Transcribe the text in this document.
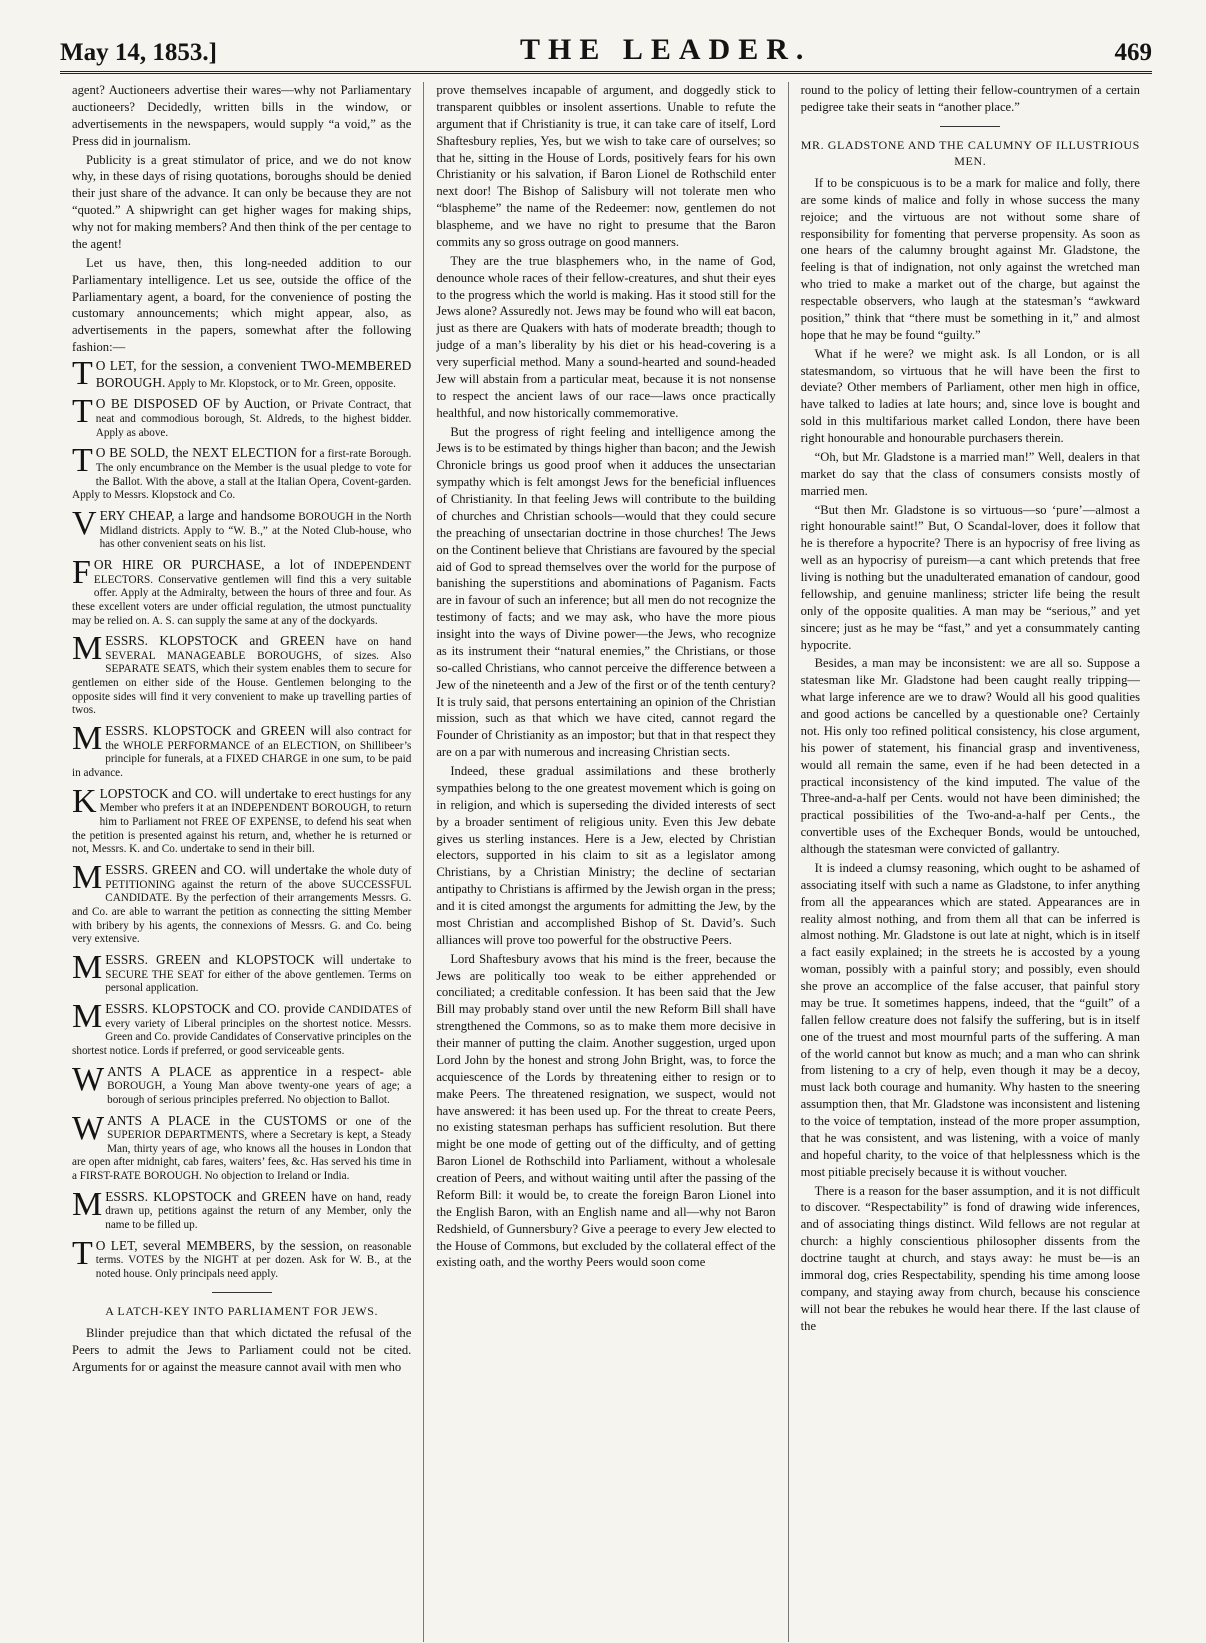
May 14, 1853.]	THE LEADER.	469

agent? Auctioneers advertise their wares—why not Parliamentary auctioneers? Decidedly, written bills in the window, or advertisements in the newspapers, would supply “a void,” as the Press did in journalism.

Publicity is a great stimulator of price, and we do not know why, in these days of rising quotations, boroughs should be denied their just share of the advance. It can only be because they are not “quoted.” A shipwright can get higher wages for making ships, why not for making members? And then think of the per centage to the agent!

Let us have, then, this long-needed addition to our Parliamentary intelligence. Let us see, outside the office of the Parliamentary agent, a board, for the convenience of posting the customary announcements; which might appear, also, as advertisements in the papers, somewhat after the following fashion:—

T O LET, for the session, a convenient TWO-MEMBERED BOROUGH. Apply to Mr. Klopstock, or to Mr. Green, opposite.
T O BE DISPOSED OF by Auction, or Private Contract, that neat and commodious borough, St. Aldreds, to the highest bidder. Apply as above.
T O BE SOLD, the NEXT ELECTION for a first-rate Borough. The only encumbrance on the Member is the usual pledge to vote for the Ballot. With the above, a stall at the Italian Opera, Covent-garden. Apply to Messrs. Klopstock and Co.
VERY CHEAP, a large and handsome BOROUGH in the North Midland districts. Apply to “W. B.,” at the Noted Club-house, who has other convenient seats on his list.
FOR HIRE OR PURCHASE, a lot of INDEPENDENT ELECTORS. Conservative gentlemen will find this a very suitable offer. Apply at the Admiralty, between the hours of three and four. As these excellent voters are under official regulation, the utmost punctuality may be relied on. A. S. can supply the same at any of the dockyards.
MESSRS. KLOPSTOCK and GREEN have on hand SEVERAL MANAGEABLE BOROUGHS, of sizes. Also SEPARATE SEATS, which their system enables them to secure for gentlemen on either side of the House. Gentlemen belonging to the opposite sides will find it very convenient to make up travelling parties of twos.
MESSRS. KLOPSTOCK and GREEN will also contract for the WHOLE PERFORMANCE of an ELECTION, on Shillibeer’s principle for funerals, at a FIXED CHARGE in one sum, to be paid in advance.
KLOPSTOCK and CO. will undertake to erect hustings for any Member who prefers it at an INDEPENDENT BOROUGH, to return him to Parliament not FREE OF EXPENSE, to defend his seat when the petition is presented against his return, and, whether he is returned or not, Messrs. K. and Co. undertake to send in their bill.
MESSRS. GREEN and CO. will undertake the whole duty of PETITIONING against the return of the above SUCCESSFUL CANDIDATE. By the perfection of their arrangements Messrs. G. and Co. are able to warrant the petition as connecting the sitting Member with bribery by his agents, the connexions of Messrs. G. and Co. being very extensive.
MESSRS. GREEN and KLOPSTOCK will undertake to SECURE THE SEAT for either of the above gentlemen. Terms on personal application.
MESSRS. KLOPSTOCK and CO. provide CANDIDATES of every variety of Liberal principles on the shortest notice. Messrs. Green and Co. provide Candidates of Conservative principles on the shortest notice. Lords if preferred, or good serviceable gents.
WANTS A PLACE as apprentice in a respect- able BOROUGH, a Young Man above twenty-one years of age; a borough of serious principles preferred. No objection to Ballot.
WANTS A PLACE in the CUSTOMS or one of the SUPERIOR DEPARTMENTS, where a Secretary is kept, a Steady Man, thirty years of age, who knows all the houses in London that are open after midnight, cab fares, waiters’ fees, &c. Has served his time in a FIRST-RATE BOROUGH. No objection to Ireland or India.
MESSRS. KLOPSTOCK and GREEN have on hand, ready drawn up, petitions against the return of any Member, only the name to be filled up.
T O LET, several MEMBERS, by the session, on reasonable terms. VOTES by the NIGHT at per dozen. Ask for W. B., at the noted house. Only principals need apply.
A LATCH-KEY INTO PARLIAMENT FOR JEWS.

Blinder prejudice than that which dictated the refusal of the Peers to admit the Jews to Parliament could not be cited. Arguments for or against the measure cannot avail with men who

prove themselves incapable of argument, and doggedly stick to transparent quibbles or insolent assertions. Unable to refute the argument that if Christianity is true, it can take care of itself, Lord Shaftesbury replies, Yes, but we wish to take care of ourselves; so that he, sitting in the House of Lords, positively fears for his own Christianity or his salvation, if Baron Lionel de Rothschild enter next door! The Bishop of Salisbury will not tolerate men who “blaspheme” the name of the Redeemer: now, gentlemen do not blaspheme, and we have no right to presume that the Baron commits any so gross outrage on good manners.

They are the true blasphemers who, in the name of God, denounce whole races of their fellow-creatures, and shut their eyes to the progress which the world is making. Has it stood still for the Jews alone? Assuredly not. Jews may be found who will eat bacon, just as there are Quakers with hats of moderate breadth; though to judge of a man’s liberality by his diet or his head-covering is a very superficial method. Many a sound-hearted and sound-headed Jew will abstain from a particular meat, because it is not nonsense to respect the ancient laws of our race—laws once practically healthful, and now historically commemorative.

But the progress of right feeling and intelligence among the Jews is to be estimated by things higher than bacon; and the Jewish Chronicle brings us good proof when it adduces the unsectarian sympathy which is felt amongst Jews for the beneficial influences of Christianity. In that feeling Jews will contribute to the building of churches and Christian schools—would that they could secure the preaching of unsectarian doctrine in those churches! The Jews on the Continent believe that Christians are favoured by the special aid of God to spread themselves over the world for the purpose of banishing the superstitions and abominations of Paganism. Facts are in favour of such an inference; but all men do not recognize the testimony of facts; and we may ask, who have the more pious insight into the ways of Divine power—the Jews, who recognize as its instrument their “natural enemies,” the Christians, or those so-called Christians, who cannot perceive the difference between a Jew of the nineteenth and a Jew of the first or of the tenth century? It is truly said, that persons entertaining an opinion of the Christian mission, such as that which we have cited, cannot regard the Founder of Christianity as an impostor; but that in that respect they are on a par with numerous and increasing Christian sects.

Indeed, these gradual assimilations and these brotherly sympathies belong to the one greatest movement which is going on in religion, and which is superseding the divided interests of sect by a broader sentiment of religious unity. Even this Jew debate gives us sterling instances. Here is a Jew, elected by Christian electors, supported in his claim to sit as a legislator among Christians, by a Christian Ministry; the decline of sectarian antipathy to Christians is affirmed by the Jewish organ in the press; and it is cited amongst the arguments for admitting the Jew, by the most Christian and accomplished Bishop of St. David’s. Such alliances will prove too powerful for the obstructive Peers.

Lord Shaftesbury avows that his mind is the freer, because the Jews are politically too weak to be either apprehended or conciliated; a creditable confession. It has been said that the Jew Bill may probably stand over until the new Reform Bill shall have strengthened the Commons, so as to make them more decisive in their manner of putting the claim. Another suggestion, urged upon Lord John by the honest and strong John Bright, was, to force the acquiescence of the Lords by threatening either to resign or to make Peers. The threatened resignation, we suspect, would not have answered: it has been used up. For the threat to create Peers, no existing statesman perhaps has sufficient resolution. But there might be one mode of getting out of the difficulty, and of getting Baron Lionel de Rothschild into Parliament, without a wholesale creation of Peers, and without waiting until after the passing of the Reform Bill: it would be, to create the foreign Baron Lionel into the English Baron, with an English name and all—why not Baron Redshield, of Gunnersbury? Give a peerage to every Jew elected to the House of Commons, but excluded by the collateral effect of the existing oath, and the worthy Peers would soon come

round to the policy of letting their fellow-countrymen of a certain pedigree take their seats in “another place.”

MR. GLADSTONE AND THE CALUMNY OF ILLUSTRIOUS MEN.

If to be conspicuous is to be a mark for malice and folly, there are some kinds of malice and folly in whose success the many rejoice; and the virtuous are not without some share of responsibility for fomenting that perverse propensity. As soon as one hears of the calumny brought against Mr. Gladstone, the feeling is that of indignation, not only against the wretched man who tried to make a market out of the charge, but against the respectable observers, who laugh at the statesman’s “awkward position,” think that “there must be something in it,” and almost hope that he may be found “guilty.”

What if he were? we might ask. Is all London, or is all statesmandom, so virtuous that he will have been the first to deviate? Other members of Parliament, other men high in office, have talked to ladies at late hours; and, since love is bought and sold in this multifarious market called London, there have been right honourable and honourable purchasers therein.

“Oh, but Mr. Gladstone is a married man!” Well, dealers in that market do say that the class of consumers consists mostly of married men.

“But then Mr. Gladstone is so virtuous—so ‘pure’—almost a right honourable saint!” But, O Scandal-lover, does it follow that he is therefore a hypocrite? There is an hypocrisy of free living as well as an hypocrisy of pureism—a cant which pretends that free living is nothing but the unadulterated emanation of candour, good fellowship, and genuine manliness; stricter life being the result only of the opposite qualities. A man may be “serious,” and yet sincere; just as he may be “fast,” and yet a consummately canting hypocrite.

Besides, a man may be inconsistent: we are all so. Suppose a statesman like Mr. Gladstone had been caught really tripping—what large inference are we to draw? Would all his good qualities and good actions be cancelled by a questionable one? Certainly not. His only too refined political consistency, his close argument, his power of statement, his financial grasp and inventiveness, would all remain the same, even if he had been detected in a practical inconsistency of the kind imputed. The value of the Three-and-a-half per Cents. would not have been diminished; the practical possibilities of the Two-and-a-half per Cents., the convertible uses of the Exchequer Bonds, would be untouched, although the statesman were convicted of gallantry.

It is indeed a clumsy reasoning, which ought to be ashamed of associating itself with such a name as Gladstone, to infer anything from all the appearances which are stated. Appearances are in reality almost nothing, and from them all that can be inferred is almost nothing. Mr. Gladstone is out late at night, which is in itself a fact easily explained; in the streets he is accosted by a young woman, possibly with a painful story; and possibly, even should she prove an accomplice of the false accuser, that painful story may be true. It sometimes happens, indeed, that the “guilt” of a fallen fellow creature does not falsify the suffering, but is in itself one of the truest and most mournful parts of the suffering. A man of the world cannot but know as much; and a man who can shrink from listening to a cry of help, even though it may be a decoy, must lack both courage and humanity. Why hasten to the sneering assumption then, that Mr. Gladstone was inconsistent and listening to the voice of temptation, instead of the more proper assumption, that he was consistent, and was listening, with a voice of manly and hopeful charity, to the voice of that helplessness which is the most pitiable precisely because it is without voucher.

There is a reason for the baser assumption, and it is not difficult to discover. “Respectability” is fond of drawing wide inferences, and of associating things distinct. Wild fellows are not regular at church: a highly conscientious philosopher dissents from the doctrine taught at church, and stays away: he must be—is an immoral dog, cries Respectability, spending his time among loose company, and staying away from church, because his conscience will not bear the rebukes he would hear there. If the last clause of the
